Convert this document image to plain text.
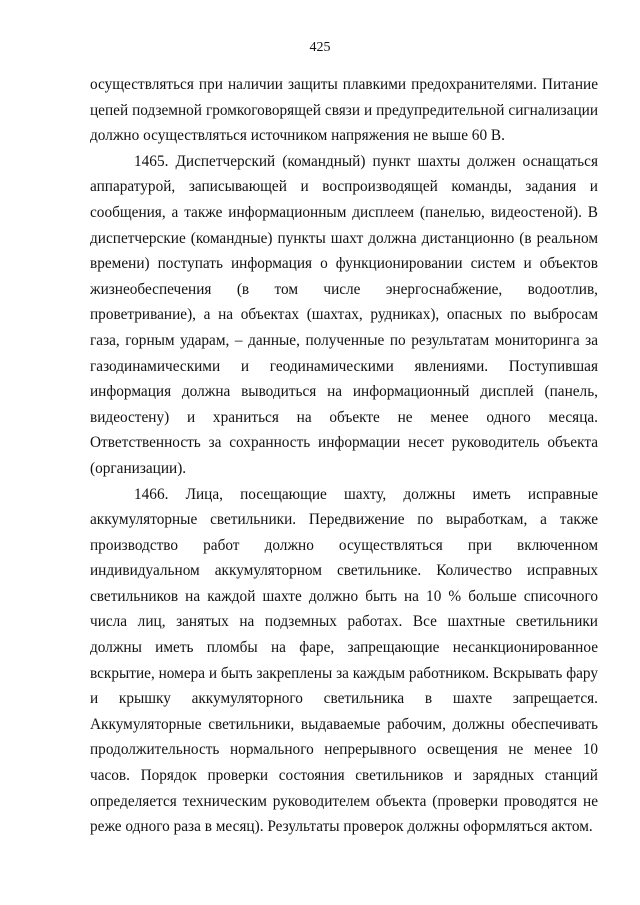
425

осуществляться при наличии защиты плавкими предохранителями. Питание цепей подземной громкоговорящей связи и предупредительной сигнализации должно осуществляться источником напряжения не выше 60 В.

1465. Диспетчерский (командный) пункт шахты должен оснащаться аппаратурой, записывающей и воспроизводящей команды, задания и сообщения, а также информационным дисплеем (панелью, видеостеной). В диспетчерские (командные) пункты шахт должна дистанционно (в реальном времени) поступать информация о функционировании систем и объектов жизнеобеспечения (в том числе энергоснабжение, водоотлив, проветривание), а на объектах (шахтах, рудниках), опасных по выбросам газа, горным ударам, – данные, полученные по результатам мониторинга за газодинамическими и геодинамическими явлениями. Поступившая информация должна выводиться на информационный дисплей (панель, видеостену) и храниться на объекте не менее одного месяца. Ответственность за сохранность информации несет руководитель объекта (организации).

1466. Лица, посещающие шахту, должны иметь исправные аккумуляторные светильники. Передвижение по выработкам, а также производство работ должно осуществляться при включенном индивидуальном аккумуляторном светильнике. Количество исправных светильников на каждой шахте должно быть на 10 % больше списочного числа лиц, занятых на подземных работах. Все шахтные светильники должны иметь пломбы на фаре, запрещающие несанкционированное вскрытие, номера и быть закреплены за каждым работником. Вскрывать фару и крышку аккумуляторного светильника в шахте запрещается. Аккумуляторные светильники, выдаваемые рабочим, должны обеспечивать продолжительность нормального непрерывного освещения не менее 10 часов. Порядок проверки состояния светильников и зарядных станций определяется техническим руководителем объекта (проверки проводятся не реже одного раза в месяц). Результаты проверок должны оформляться актом.
